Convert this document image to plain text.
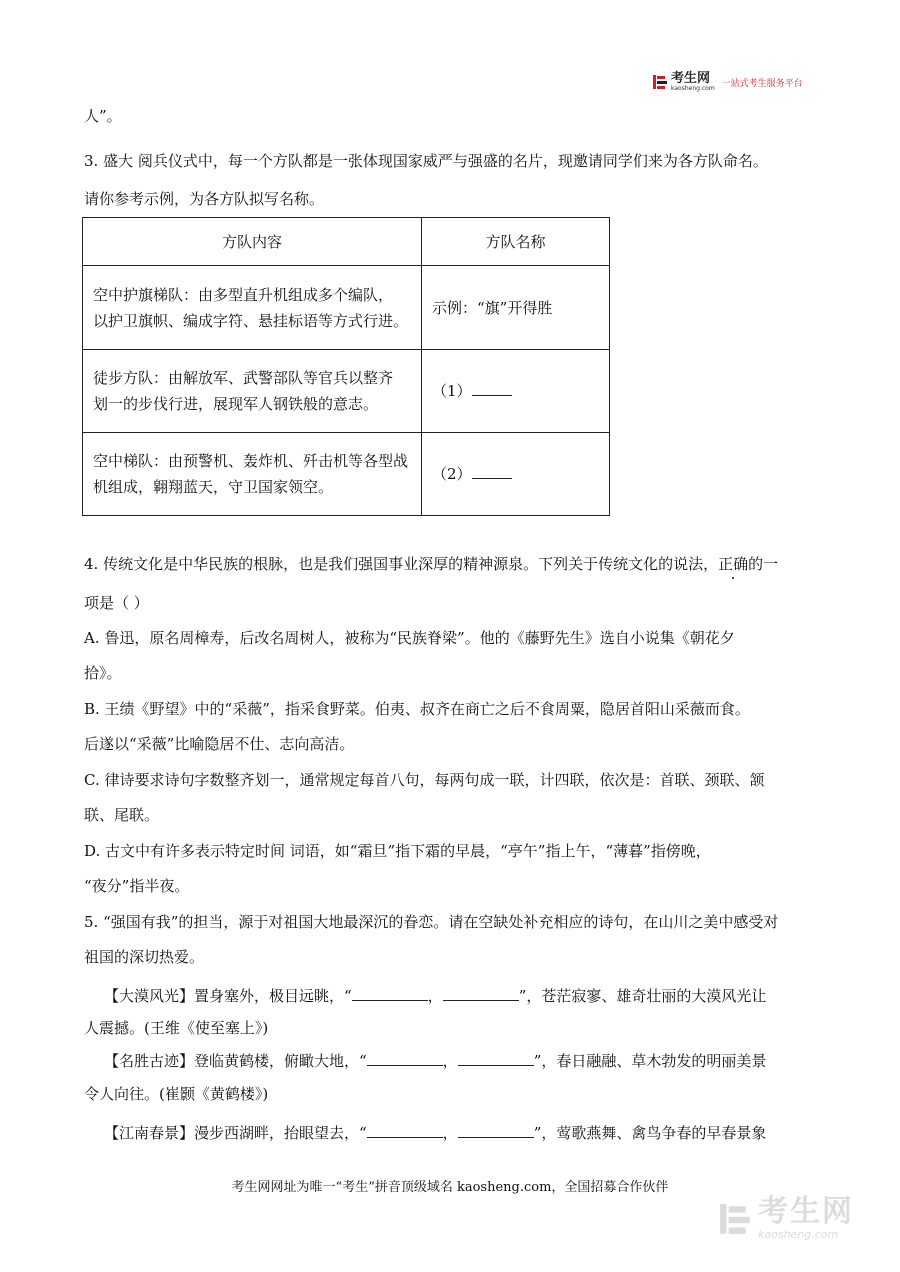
考生网
kaosheng.com 一站式考生服务平台
人”。
3. 盛大 阅兵仪式中，每一个方队都是一张体现国家威严与强盛的名片，现邀请同学们来为各方队命名。
请你参考示例，为各方队拟写名称。
方队内容	方队名称

空中护旗梯队：由多型直升机组成多个编队，
以护卫旗帜、编成字符、悬挂标语等方式行进。	示例：“旗”开得胜

徒步方队：由解放军、武警部队等官兵以整齐
划一的步伐行进，展现军人钢铁般的意志。	（1）

空中梯队：由预警机、轰炸机、歼击机等各型战
机组成，翱翔蓝天，守卫国家领空。	（2）
4. 传统文化是中华民族的根脉，也是我们强国事业深厚的精神源泉。下列关于传统文化的说法，正确的一
项是（ ）
A. 鲁迅，原名周樟寿，后改名周树人，被称为“民族脊梁”。他的《藤野先生》选自小说集《朝花夕
拾》。
B. 王绩《野望》中的“采薇”，指采食野菜。伯夷、叔齐在商亡之后不食周粟，隐居首阳山采薇而食。
后遂以“采薇”比喻隐居不仕、志向高洁。
C. 律诗要求诗句字数整齐划一，通常规定每首八句，每两句成一联，计四联，依次是：首联、颈联、颔
联、尾联。
D. 古文中有许多表示特定时间 词语，如“霜旦”指下霜的早晨，“亭午”指上午，“薄暮”指傍晚，
“夜分”指半夜。
5. “强国有我”的担当，源于对祖国大地最深沉的眷恋。请在空缺处补充相应的诗句，在山川之美中感受对
祖国的深切热爱。
【大漠风光】置身塞外，极目远眺，“	，	”，苍茫寂寥、雄奇壮丽的大漠风光让
人震撼。(王维《使至塞上》)
【名胜古迹】登临黄鹤楼，俯瞰大地，“	，	”，春日融融、草木勃发的明丽美景
令人向往。(崔颢《黄鹤楼》)
【江南春景】漫步西湖畔，抬眼望去，“	，	”，莺歌燕舞、禽鸟争春的早春景象
考生网网址为唯一“考生”拼音顶级域名 kaosheng.com，全国招募合作伙伴
考生网
kaosheng.com
